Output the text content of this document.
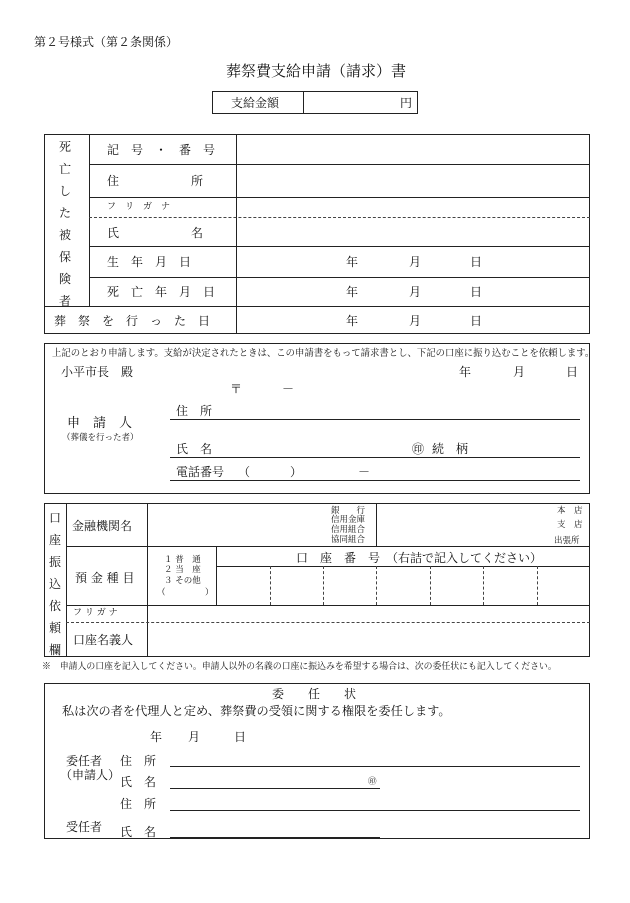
第２号様式（第２条関係）
葬祭費支給申請（請求）書
支給金額	円
死亡した被保険者
記　号　・　番　号
住　　　　　　所
フ　リ　ガ　ナ
氏　　　　　　名
生　年　月　日	年	月	日
死　亡　年　月　日	年	月	日
葬　祭　を　行　っ　た　日	年	月	日
上記のとおり申請します。支給が決定されたときは、この申請書をもって請求書とし、下記の口座に振り込むことを依頼します。
小平市長　殿	年	月	日
〒	－
申　請　人
（葬儀を行った者）
住　所
氏　名	㊞ 続　柄
電話番号 （	）	－
口座振込依頼欄
金融機関名
銀　　行
信用金庫
信用組合
協同組合
本　店
支　店
出張所
預 金 種 目
１ 普　通
２ 当　座
３ その他
（	）
口　座　番　号　（右詰で記入してください）
フ リ ガ ナ
口座名義人
※　申請人の口座を記入してください。申請人以外の名義の口座に振込みを希望する場合は、次の委任状にも記入してください。
委　　任　　状
私は次の者を代理人と定め、葬祭費の受領に関する権限を委任します。
年 月	日
委任者
（申請人）
住　所
氏　名	㊞
住　所
受任者 氏　名
